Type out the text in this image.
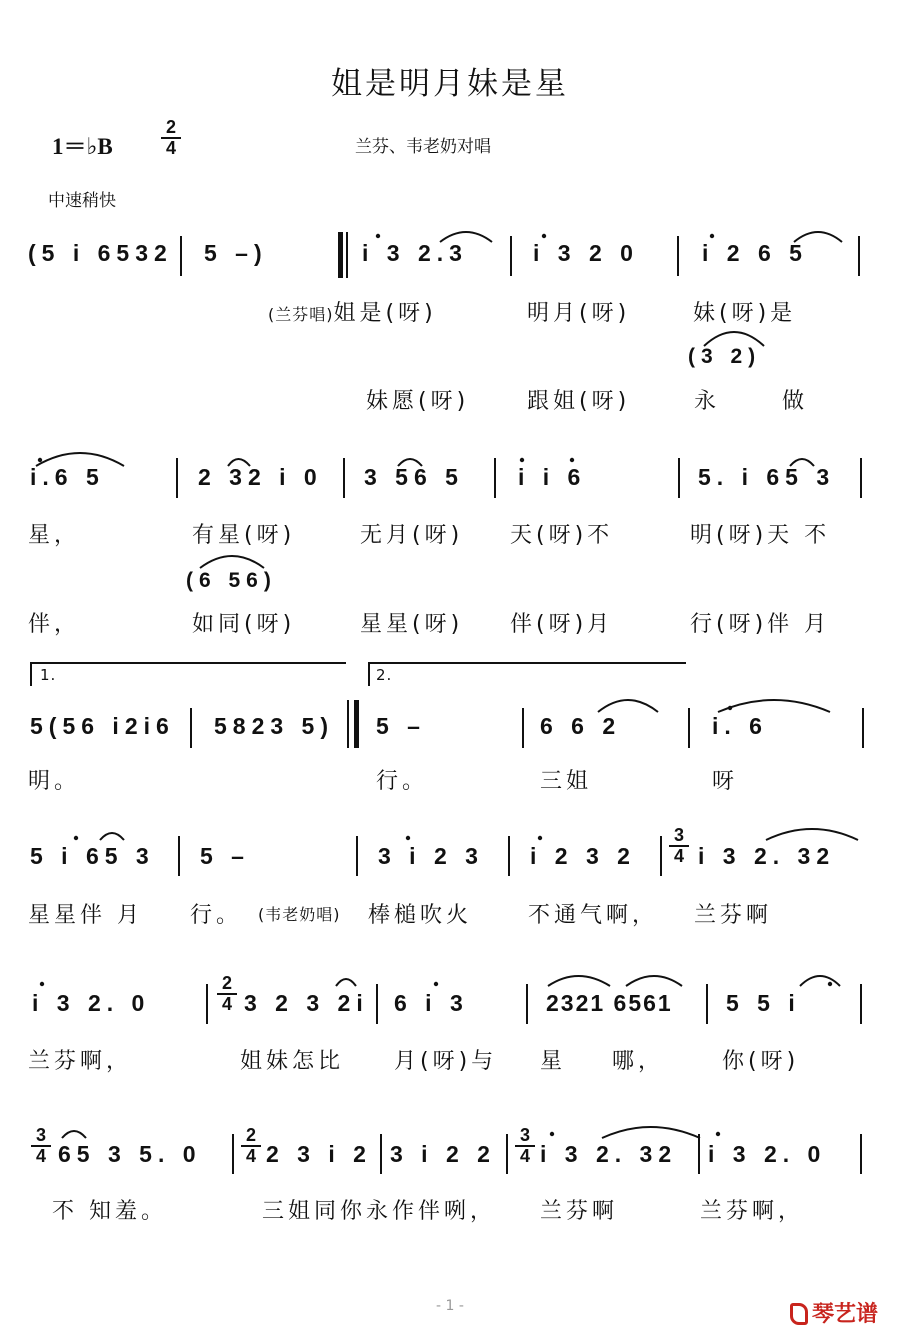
姐是明月妹是星
1＝♭B
2
4	兰芬、韦老奶对唱
中速稍快
(5 i 6532 5 –)	i 3 2.3	i 3 2 0	i 2 6 5
(兰芬唱)姐是(呀)	明月(呀)	妹(呀)是
(3 2)
妹愿(呀)	跟姐(呀)	永	做
i.6 5	2 32 i 0 3 56 5 i i 6	5. i 65 3
星，	有星(呀)	无月(呀) 天(呀)不	明(呀)天 不
(6 56)
伴，	如同(呀)	星星(呀) 伴(呀)月	行(呀)伴 月
1.	2.
5(56 i2i6 5823 5) 5 –	6 6 2	i. 6
明。	行。	三姐	呀
5 i 65 3 5 –	3 i 2 3 i 2 3 2	i 3 2. 32
3
4
星星伴 月 行。 (韦老奶唱) 棒槌吹火	不通气啊， 兰芬啊
i 3 2. 0
2
4 3 2 3 2i 6 i 3	2321 6561 5 5 i
兰芬啊，	姐妹怎比 月(呀)与 星 哪，	你(呀)
3
4 65 3 5. 0
2
4 2 3 i 2 3 i 2 2
3
4 i 3 2. 32 i 3 2. 0
不 知羞。	三姐同你永作伴咧， 兰芬啊	兰芬啊，
- 1 -	琴艺谱
